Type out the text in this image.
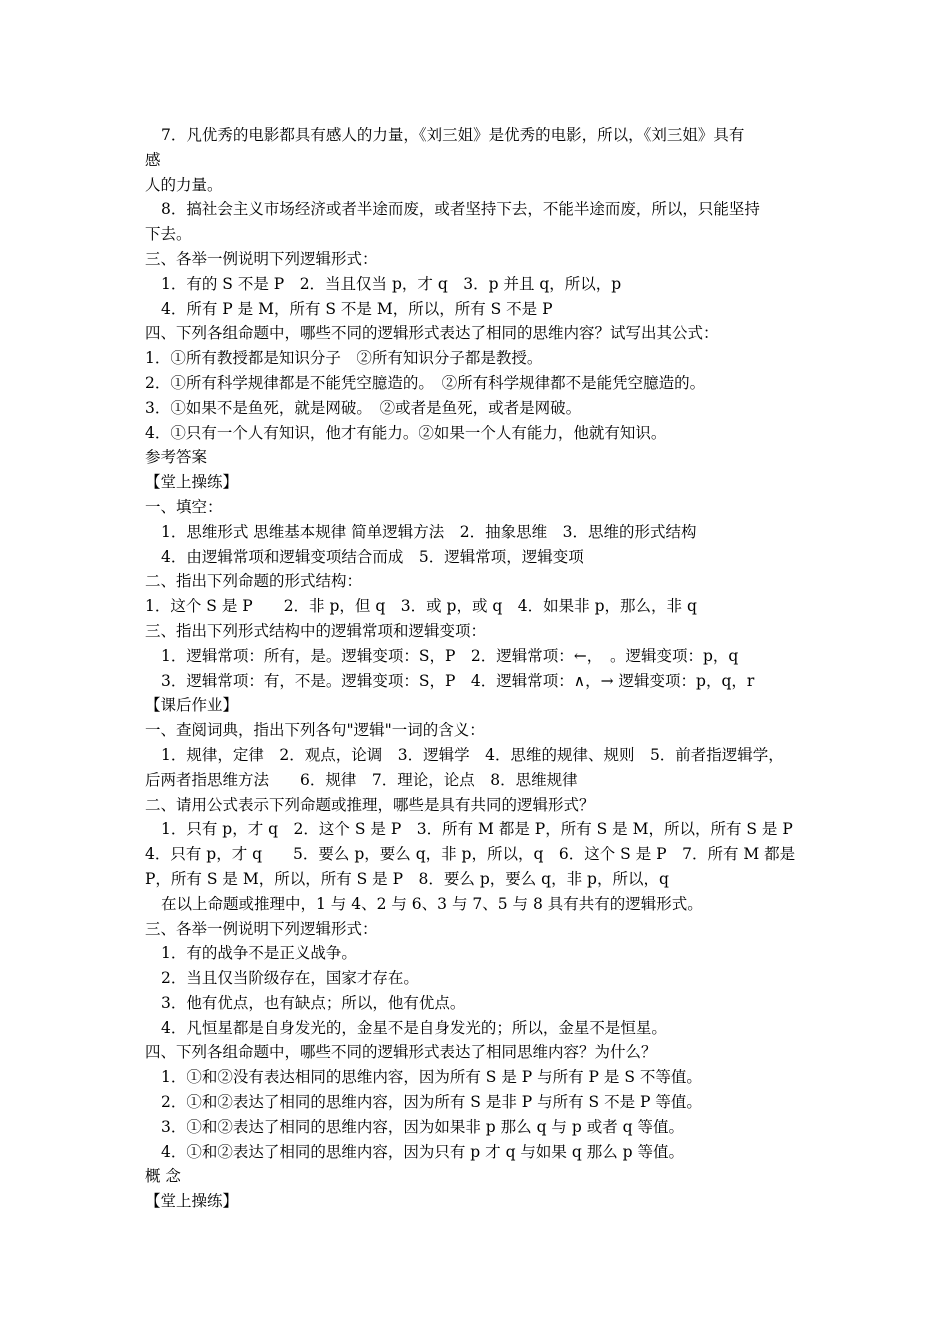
7．凡优秀的电影都具有感人的力量，《刘三姐》是优秀的电影，所以，《刘三姐》具有
感
人的力量。
8．搞社会主义市场经济或者半途而废，或者坚持下去，不能半途而废，所以，只能坚持
下去。
三、各举一例说明下列逻辑形式：
1．有的 S 不是 P　2．当且仅当 p，才 q　3．p 并且 q，所以，p
4．所有 P 是 M，所有 S 不是 M，所以，所有 S 不是 P
四、下列各组命题中，哪些不同的逻辑形式表达了相同的思维内容？试写出其公式：
1．①所有教授都是知识分子　②所有知识分子都是教授。
2．①所有科学规律都是不能凭空臆造的。　②所有科学规律都不是能凭空臆造的。
3．①如果不是鱼死，就是网破。　②或者是鱼死，或者是网破。
4．①只有一个人有知识，他才有能力。②如果一个人有能力，他就有知识。
参考答案
【堂上操练】
一、填空：
1．思维形式 思维基本规律 简单逻辑方法　2．抽象思维　3．思维的形式结构
4．由逻辑常项和逻辑变项结合而成　5．逻辑常项，逻辑变项
二、指出下列命题的形式结构：
1．这个 S 是 P　　2．非 p，但 q　3．或 p，或 q　4．如果非 p，那么，非 q
三、指出下列形式结构中的逻辑常项和逻辑变项：
1．逻辑常项：所有，是。逻辑变项：S，P　2．逻辑常项：←，　。逻辑变项：p，q
3．逻辑常项：有，不是。逻辑变项：S，P　4．逻辑常项：∧，→ 逻辑变项：p，q，r
【课后作业】
一、查阅词典，指出下列各句"逻辑"一词的含义：
1．规律，定律　2．观点，论调　3．逻辑学　4．思维的规律、规则　5．前者指逻辑学，
后两者指思维方法　　6．规律　7．理论，论点　8．思维规律
二、请用公式表示下列命题或推理，哪些是具有共同的逻辑形式？
1．只有 p，才 q　2．这个 S 是 P　3．所有 M 都是 P，所有 S 是 M，所以，所有 S 是 P
4．只有 p，才 q　　5．要么 p，要么 q，非 p，所以，q　6．这个 S 是 P　7．所有 M 都是
P，所有 S 是 M，所以，所有 S 是 P　8．要么 p，要么 q，非 p，所以，q
在以上命题或推理中，1 与 4、2 与 6、3 与 7、5 与 8 具有共有的逻辑形式。
三、各举一例说明下列逻辑形式：
1．有的战争不是正义战争。
2．当且仅当阶级存在，国家才存在。
3．他有优点，也有缺点；所以，他有优点。
4．凡恒星都是自身发光的，金星不是自身发光的；所以，金星不是恒星。
四、下列各组命题中，哪些不同的逻辑形式表达了相同思维内容？为什么？
1．①和②没有表达相同的思维内容，因为所有 S 是 P 与所有 P 是 S 不等值。
2．①和②表达了相同的思维内容，因为所有 S 是非 P 与所有 S 不是 P 等值。
3．①和②表达了相同的思维内容，因为如果非 p 那么 q 与 p 或者 q 等值。
4．①和②表达了相同的思维内容，因为只有 p 才 q 与如果 q 那么 p 等值。
概 念
【堂上操练】
